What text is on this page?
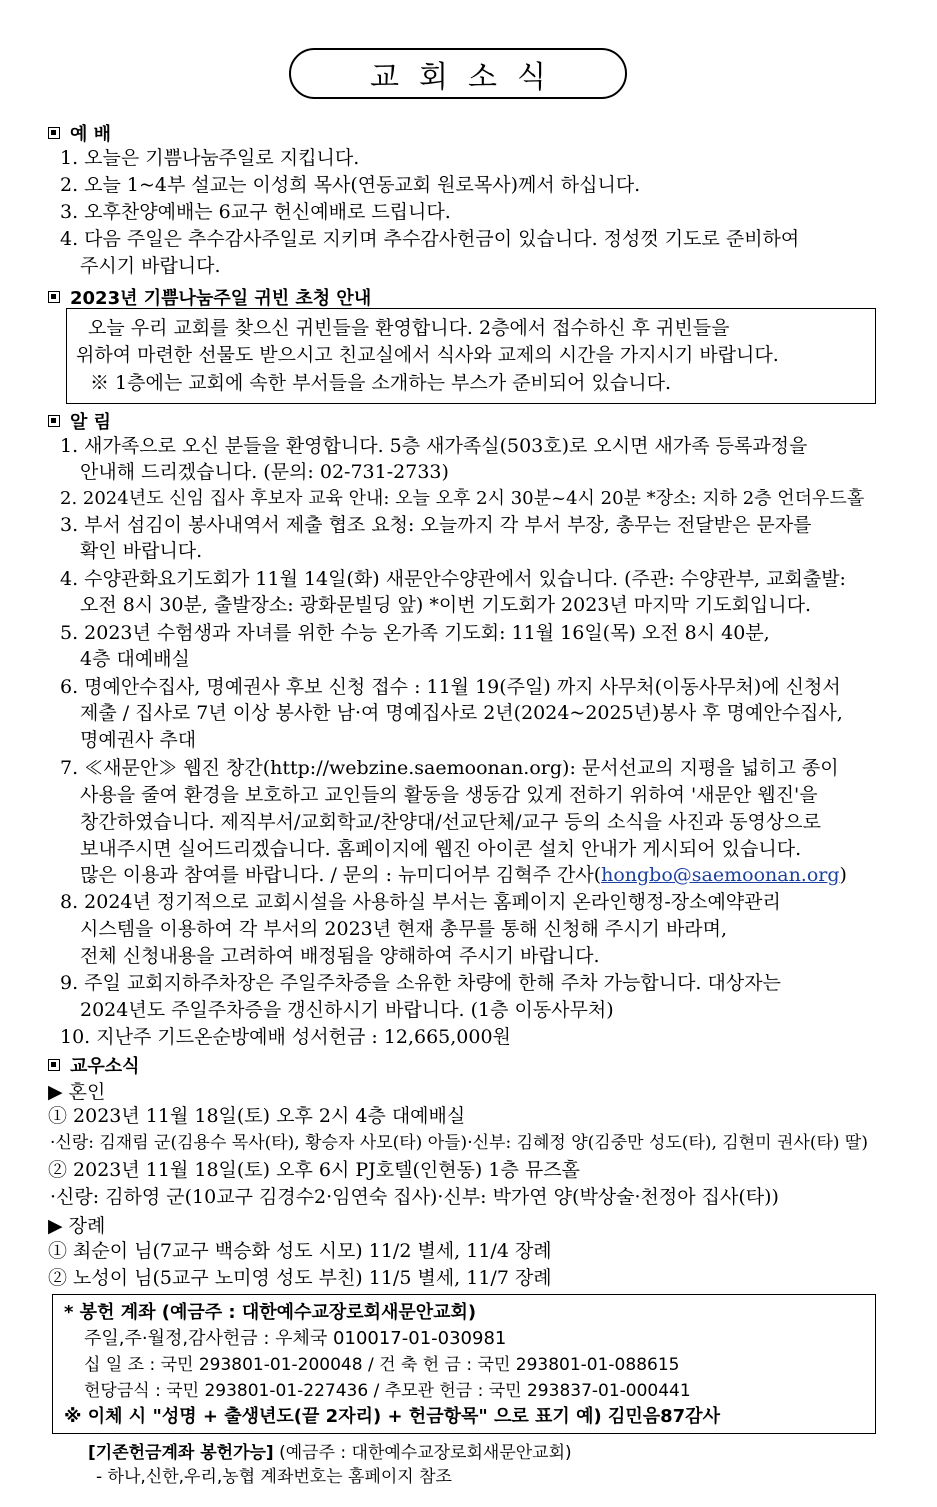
교회소식
예 배
1. 오늘은 기쁨나눔주일로 지킵니다.
2. 오늘 1~4부 설교는 이성희 목사(연동교회 원로목사)께서 하십니다.
3. 오후찬양예배는 6교구 헌신예배로 드립니다.
4. 다음 주일은 추수감사주일로 지키며 추수감사헌금이 있습니다. 정성껏 기도로 준비하여
주시기 바랍니다.
2023년 기쁨나눔주일 귀빈 초청 안내
오늘 우리 교회를 찾으신 귀빈들을 환영합니다. 2층에서 접수하신 후 귀빈들을
위하여 마련한 선물도 받으시고 친교실에서 식사와 교제의 시간을 가지시기 바랍니다.
※ 1층에는 교회에 속한 부서들을 소개하는 부스가 준비되어 있습니다.
알 림
1. 새가족으로 오신 분들을 환영합니다. 5층 새가족실(503호)로 오시면 새가족 등록과정을
안내해 드리겠습니다. (문의: 02-731-2733)
2. 2024년도 신임 집사 후보자 교육 안내: 오늘 오후 2시 30분~4시 20분 *장소: 지하 2층 언더우드홀
3. 부서 섬김이 봉사내역서 제출 협조 요청: 오늘까지 각 부서 부장, 총무는 전달받은 문자를
확인 바랍니다.
4. 수양관화요기도회가 11월 14일(화) 새문안수양관에서 있습니다. (주관: 수양관부, 교회출발:
오전 8시 30분, 출발장소: 광화문빌딩 앞) *이번 기도회가 2023년 마지막 기도회입니다.
5. 2023년 수험생과 자녀를 위한 수능 온가족 기도회: 11월 16일(목) 오전 8시 40분,
4층 대예배실
6. 명예안수집사, 명예권사 후보 신청 접수 : 11월 19(주일) 까지 사무처(이동사무처)에 신청서
제출 / 집사로 7년 이상 봉사한 남·여 명예집사로 2년(2024~2025년)봉사 후 명예안수집사,
명예권사 추대
7. ≪새문안≫ 웹진 창간(http://webzine.saemoonan.org): 문서선교의 지평을 넓히고 종이
사용을 줄여 환경을 보호하고 교인들의 활동을 생동감 있게 전하기 위하여 '새문안 웹진'을
창간하였습니다. 제직부서/교회학교/찬양대/선교단체/교구 등의 소식을 사진과 동영상으로
보내주시면 실어드리겠습니다. 홈페이지에 웹진 아이콘 설치 안내가 게시되어 있습니다.
많은 이용과 참여를 바랍니다. / 문의 : 뉴미디어부 김혁주 간사(hongbo@saemoonan.org)
8. 2024년 정기적으로 교회시설을 사용하실 부서는 홈페이지 온라인행정-장소예약관리
시스템을 이용하여 각 부서의 2023년 현재 총무를 통해 신청해 주시기 바라며,
전체 신청내용을 고려하여 배정됨을 양해하여 주시기 바랍니다.
9. 주일 교회지하주차장은 주일주차증을 소유한 차량에 한해 주차 가능합니다. 대상자는
2024년도 주일주차증을 갱신하시기 바랍니다. (1층 이동사무처)
10. 지난주 기드온순방예배 성서헌금 : 12,665,000원
교우소식
▶ 혼인
① 2023년 11월 18일(토) 오후 2시 4층 대예배실
·신랑: 김재림 군(김용수 목사(타), 황승자 사모(타) 아들)·신부: 김혜정 양(김중만 성도(타), 김현미 권사(타) 딸)
② 2023년 11월 18일(토) 오후 6시 PJ호텔(인현동) 1층 뮤즈홀
·신랑: 김하영 군(10교구 김경수2·임연숙 집사)·신부: 박가연 양(박상술·천정아 집사(타))
▶ 장례
① 최순이 님(7교구 백승화 성도 시모) 11/2 별세, 11/4 장례
② 노성이 님(5교구 노미영 성도 부친) 11/5 별세, 11/7 장례
* 봉헌 계좌 (예금주 : 대한예수교장로회새문안교회)
주일,주·월정,감사헌금 : 우체국 010017-01-030981
십 일 조 : 국민 293801-01-200048 / 건 축 헌 금 : 국민 293801-01-088615
헌당금식 : 국민 293801-01-227436 / 추모관 헌금 : 국민 293837-01-000441
※ 이체 시 "성명 + 출생년도(끝 2자리) + 헌금항목" 으로 표기 예) 김민음87감사
[기존헌금계좌 봉헌가능] (예금주 : 대한예수교장로회새문안교회)
- 하나,신한,우리,농협 계좌번호는 홈페이지 참조
